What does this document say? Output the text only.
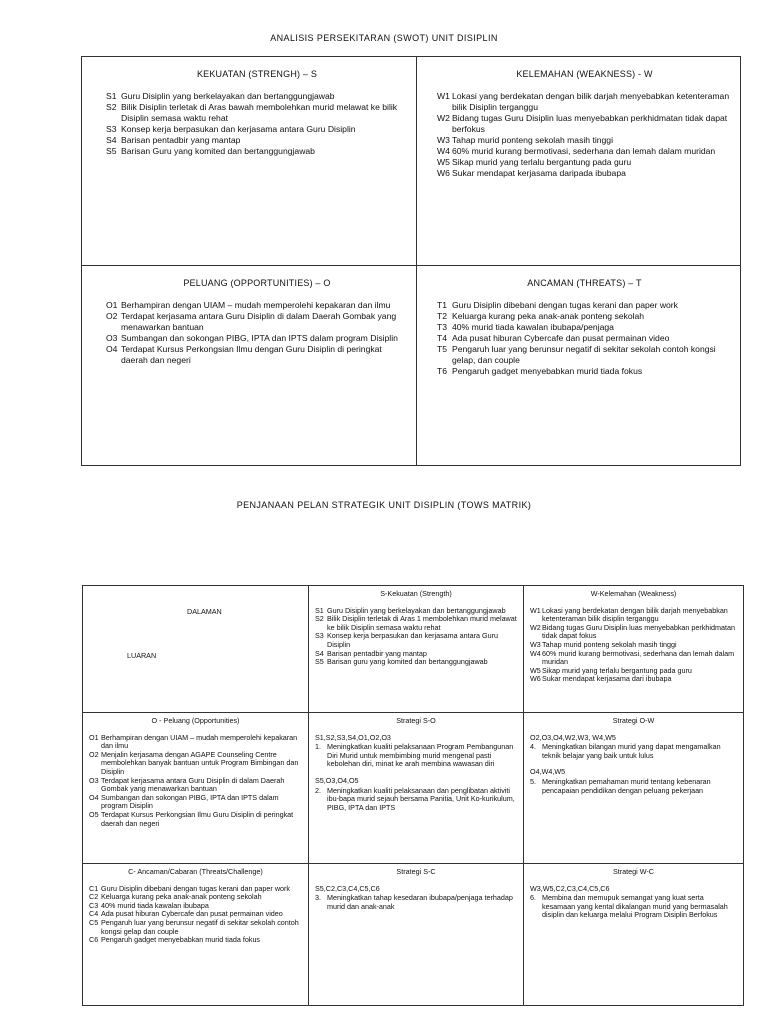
ANALISIS PERSEKITARAN (SWOT) UNIT DISIPLIN
KEKUATAN (STRENGH) – S
S1 Guru Disiplin yang berkelayakan dan bertanggungjawab
S2 Bilik Disiplin terletak di Aras bawah membolehkan murid melawat ke bilik Disiplin semasa waktu rehat
S3 Konsep kerja berpasukan dan kerjasama antara Guru Disiplin
S4 Barisan pentadbir yang mantap
S5 Barisan Guru yang komited dan bertanggungjawab
KELEMAHAN (WEAKNESS) - W
W1 Lokasi yang berdekatan dengan bilik darjah menyebabkan ketenteraman bilik Disiplin terganggu
W2 Bidang tugas Guru Disiplin luas menyebabkan perkhidmatan tidak dapat berfokus
W3 Tahap murid ponteng sekolah masih tinggi
W4 60% murid kurang bermotivasi, sederhana dan lemah dalam muridan
W5 Sikap murid yang terlalu bergantung pada guru
W6 Sukar mendapat kerjasama daripada ibubapa
PELUANG (OPPORTUNITIES) – O
O1 Berhampiran dengan UIAM – mudah memperolehi kepakaran dan ilmu
O2 Terdapat kerjasama antara Guru Disiplin di dalam Daerah Gombak yang menawarkan bantuan
O3 Sumbangan dan sokongan PIBG, IPTA dan IPTS dalam program Disiplin
O4 Terdapat Kursus Perkongsian Ilmu dengan Guru Disiplin di peringkat daerah dan negeri
ANCAMAN (THREATS) – T
T1 Guru Disiplin dibebani dengan tugas kerani dan paper work
T2 Keluarga kurang peka anak-anak ponteng sekolah
T3 40% murid tiada kawalan ibubapa/penjaga
T4 Ada pusat hiburan Cybercafe dan pusat permainan video
T5 Pengaruh luar yang berunsur negatif di sekitar sekolah contoh kongsi gelap, dan couple
T6 Pengaruh gadget menyebabkan murid tiada fokus
PENJANAAN PELAN STRATEGIK UNIT DISIPLIN (TOWS MATRIK)
DALAMAN
LUARAN
S-Kekuatan (Strength)
S1 Guru Disiplin yang berkelayakan dan bertanggungjawab
S2 Bilik Disiplin terletak di Aras 1 membolehkan murid melawat ke bilik Disiplin semasa waktu rehat
S3 Konsep kerja berpasukan dan kerjasama antara Guru Disiplin
S4 Barisan pentadbir yang mantap
S5 Barisan guru yang komited dan bertanggungjawab
W-Kelemahan (Weakness)
W1Lokasi yang berdekatan dengan bilik darjah menyebabkan ketenteraman bilik disiplin terganggu
W2Bidang tugas Guru Disiplin luas menyebabkan perkhidmatan tidak dapat fokus
W3Tahap murid ponteng sekolah masih tinggi
W460% murid kurang bermotivasi, sederhana dan lemah dalam muridan
W5Sikap murid yang terlalu bergantung pada guru
W6Sukar mendapat kerjasama dari ibubapa
O - Peluang (Opportunities)
O1 Berhampiran dengan UIAM – mudah memperolehi kepakaran dan ilmu
O2 Menjalin kerjasama dengan AGAPE Counseling Centre membolehkan banyak bantuan untuk Program Bimbingan dan Disiplin
O3 Terdapat kerjasama antara Guru Disiplin di dalam Daerah Gombak yang menawarkan bantuan
O4 Sumbangan dan sokongan PIBG, IPTA dan IPTS dalam program Disiplin
O5 Terdapat Kursus Perkongsian Ilmu Guru Disiplin di peringkat daerah dan negeri
Strategi S-O
S1,S2,S3,S4,O1,O2,O3
1. Meningkatkan kualiti pelaksanaan Program Pembangunan Diri Murid untuk membimbing murid mengenal pasti kebolehan diri, minat ke arah membina wawasan diri
S5,O3,O4,O5
2. Meningkatkan kualiti pelaksanaan dan penglibatan aktiviti ibu-bapa murid sejauh bersama Panitia, Unit Ko-kurikulum, PIBG, IPTA dan IPTS
Strategi O-W
O2,O3,O4,W2,W3, W4,W5
4. Meningkatkan bilangan murid yang dapat mengamalkan teknik belajar yang baik untuk lulus
O4,W4,W5
5. Meningkatkan pemahaman murid tentang kebenaran pencapaian pendidikan dengan peluang pekerjaan
C- Ancaman/Cabaran (Threats/Challenge)
C1 Guru Disiplin dibebani dengan tugas kerani dan paper work
C2 Keluarga kurang peka anak-anak ponteng sekolah
C3 40% murid tiada kawalan ibubapa
C4 Ada pusat hiburan Cybercafe dan pusat permainan video
C5 Pengaruh luar yang berunsur negatif di sekitar sekolah contoh kongsi gelap dan couple
C6 Pengaruh gadget menyebabkan murid tiada fokus
Strategi S-C
S5,C2,C3,C4,C5,C6
3. Meningkatkan tahap kesedaran ibubapa/penjaga terhadap murid dan anak-anak
Strategi W-C
W3,W5,C2,C3,C4,C5,C6
6. Membina dan memupuk semangat yang kuat serta kesamaan yang kental dikalangan murid yang bermasalah disiplin dan keluarga melalui Program Disiplin Berfokus
